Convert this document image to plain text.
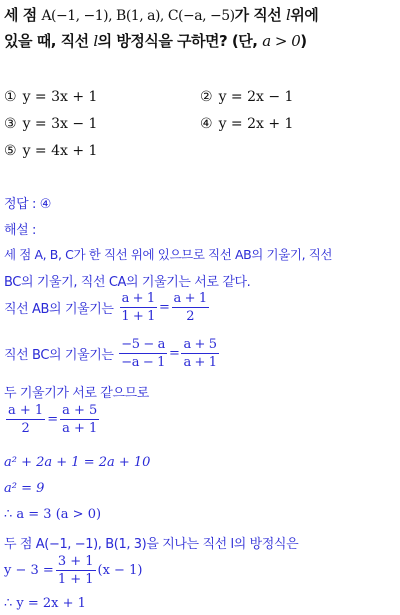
세 점 A(−1, −1), B(1, a), C(−a, −5)가 직선 l위에
있을 때, 직선 l의 방정식을 구하면? (단, a > 0)
① y = 3x + 1	② y = 2x − 1
③ y = 3x − 1	④ y = 2x + 1
⑤ y = 4x + 1
정답 : ④
해설 :
세 점 A, B, C가 한 직선 위에 있으므로 직선 AB의 기울기, 직선
BC의 기울기, 직선 CA의 기울기는 서로 같다.
직선 AB의 기울기는 $\frac{a + 1}{1 + 1} = \frac{a + 1}{2}$
직선 BC의 기울기는 $\frac{-5 - a}{-a - 1} = \frac{a + 5}{a + 1}$
두 기울기가 서로 같으므로
$\frac{a + 1}{2} = \frac{a + 5}{a + 1}$
a² + 2a + 1 = 2a + 10
a² = 9
∴ a = 3 (a > 0)
두 점 A(−1, −1), B(1, 3)을 지나는 직선 l의 방정식은
$y - 3 = \frac{3 + 1}{1 + 1} (x - 1)$
∴ y = 2x + 1
